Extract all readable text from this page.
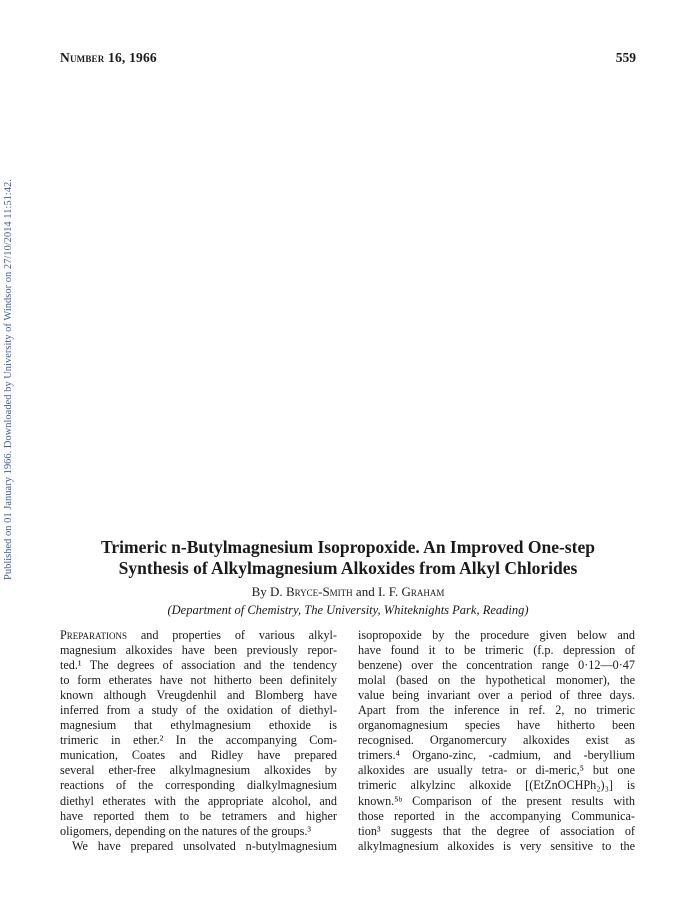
Number 16, 1966	559
Published on 01 January 1966. Downloaded by University of Windsor on 27/10/2014 11:51:42.	Trimeric n-Butylmagnesium Isopropoxide. An Improved One-step
Synthesis of Alkylmagnesium Alkoxides from Alkyl Chlorides
By D. Bryce-Smith and I. F. Graham
(Department of Chemistry, The University, Whiteknights Park, Reading)
Preparations and properties of various alkyl-
magnesium alkoxides have been previously repor-
ted.¹ The degrees of association and the tendency
to form etherates have not hitherto been definitely
known although Vreugdenhil and Blomberg have
inferred from a study of the oxidation of diethyl-
magnesium that ethylmagnesium ethoxide is
trimeric in ether.² In the accompanying Com-
munication, Coates and Ridley have prepared
several ether-free alkylmagnesium alkoxides by
reactions of the corresponding dialkylmagnesium
diethyl etherates with the appropriate alcohol, and
have reported them to be tetramers and higher
oligomers, depending on the natures of the groups.³
We have prepared unsolvated n-butylmagnesium
isopropoxide by the procedure given below and
have found it to be trimeric (f.p. depression of
benzene) over the concentration range 0·12—0·47
molal (based on the hypothetical monomer), the
value being invariant over a period of three days.
Apart from the inference in ref. 2, no trimeric
organomagnesium species have hitherto been
recognised. Organomercury alkoxides exist as
trimers.⁴ Organo-zinc, -cadmium, and -beryllium
alkoxides are usually tetra- or di-meric,⁵ but one
trimeric alkylzinc alkoxide [(EtZnOCHPh₂)₃] is
known.⁵ᵇ Comparison of the present results with
those reported in the accompanying Communica-
tion³ suggests that the degree of association of
alkylmagnesium alkoxides is very sensitive to the
